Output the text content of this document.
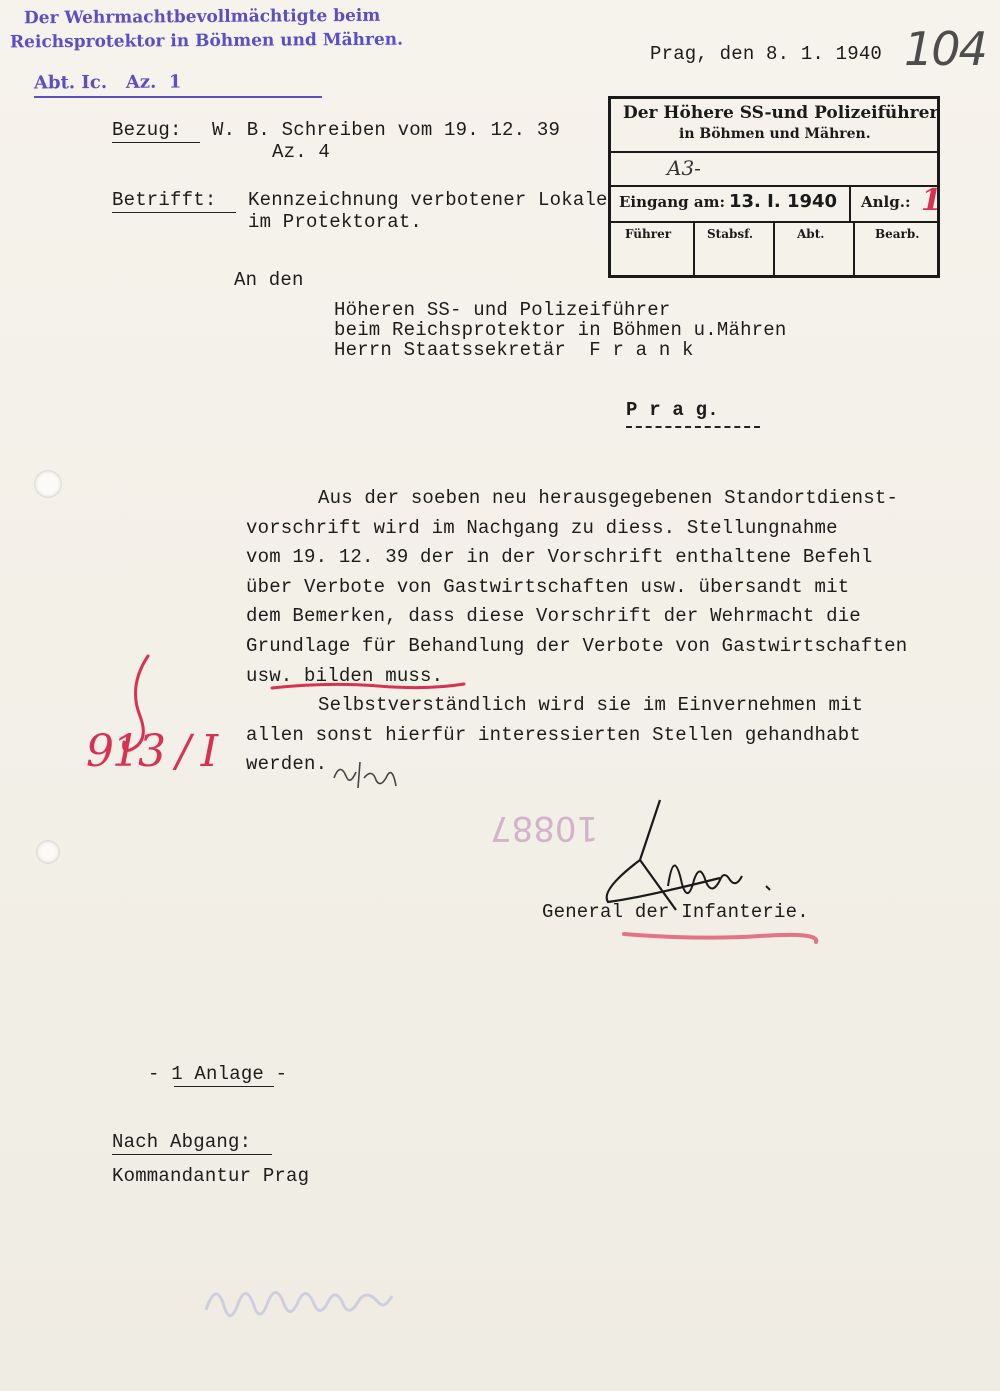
Der Wehrmachtbevollmächtigte beim
Reichsprotektor in Böhmen und Mähren.
Abt. Ic.   Az.  1
Prag, den 8. 1. 1940 104
Bezug: W. B. Schreiben vom 19. 12. 39
Az. 4
Betrifft: Kennzeichnung verbotener Lokale
im Protektorat.
Der Höhere SS-und Polizeiführer
in Böhmen und Mähren.
A3-
Eingang am: 13. I. 1940 Anlg.: 1
Führer	Stabsf.	Abt.	Bearb.
An den
Höheren SS- und Polizeiführer
beim Reichsprotektor in Böhmen u.Mähren
Herrn Staatssekretär  F r a n k
P r a g.
Aus der soeben neu herausgegebenen Standortdienst-
vorschrift wird im Nachgang zu diess. Stellungnahme
vom 19. 12. 39 der in der Vorschrift enthaltene Befehl
über Verbote von Gastwirtschaften usw. übersandt mit
dem Bemerken, dass diese Vorschrift der Wehrmacht die
Grundlage für Behandlung der Verbote von Gastwirtschaften
usw. bilden muss.
Selbstverständlich wird sie im Einvernehmen mit
allen sonst hierfür interessierten Stellen gehandhabt
werden.
913 / I
10887
General der Infanterie.
- 1 Anlage -
Nach Abgang:
Kommandantur Prag
